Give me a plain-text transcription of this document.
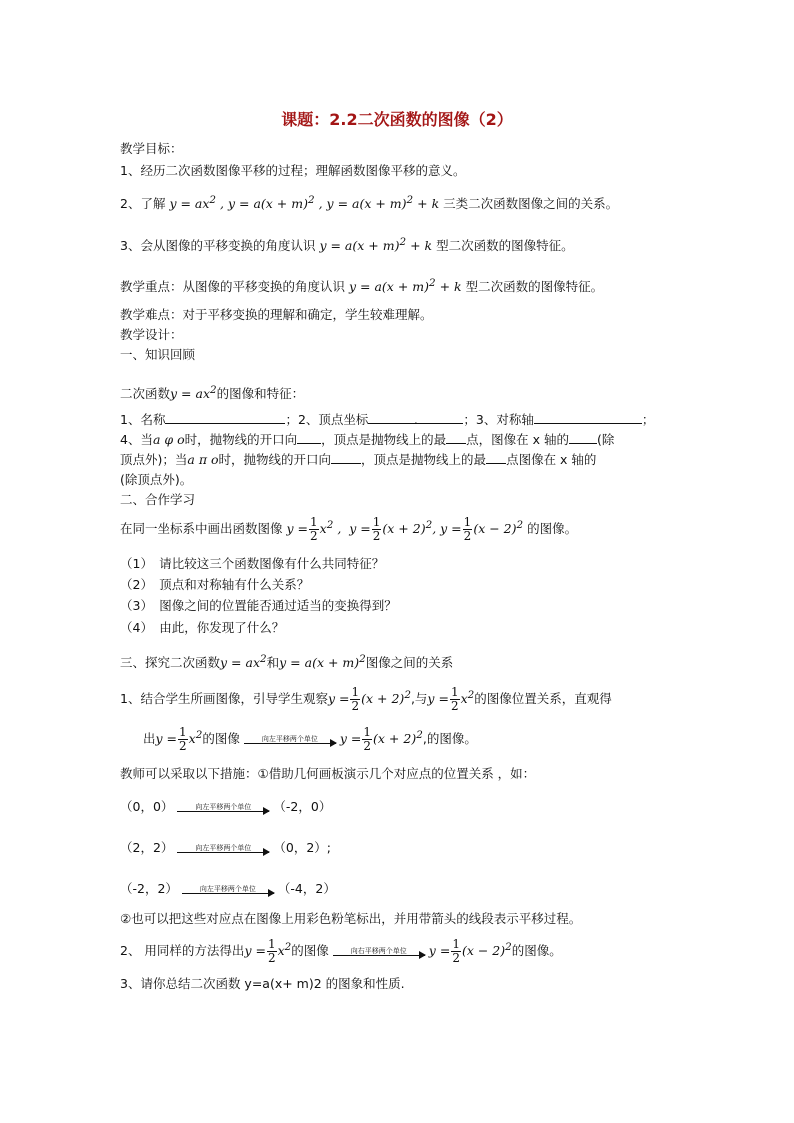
课题：2.2二次函数的图像（2）
教学目标：
1、经历二次函数图像平移的过程；理解函数图像平移的意义。
2、了解 $y = ax^2$ , $y = a(x + m)^2$ , $y = a(x + m)^2 + k$ 三类二次函数图像之间的关系。
3、会从图像的平移变换的角度认识 $y = a(x + m)^2 + k$ 型二次函数的图像特征。
教学重点：从图像的平移变换的角度认识 $y = a(x + m)^2 + k$ 型二次函数的图像特征。
教学难点：对于平移变换的理解和确定，学生较难理解。
教学设计：
一、知识回顾
二次函数$y = ax^2$的图像和特征：
1、名称	；2、顶点坐标	.	；3、对称轴	；
4、当a φ o时，抛物线的开口向 ，顶点是抛物线上的最 点，图像在 x 轴的 (除
顶点外)；当a π o时，抛物线的开口向 ，顶点是抛物线上的最 点图像在 x 轴的
(除顶点外)。
二、合作学习
在同一坐标系中画出函数图像 $y = \frac{1}{2} x^2$ ,  $y = \frac{1}{2} (x + 2)^2$, $y = \frac{1}{2} (x - 2)^2$ 的图像。
（1）　请比较这三个函数图像有什么共同特征？
（2）　顶点和对称轴有什么关系？
（3）　图像之间的位置能否通过适当的变换得到？
（4）　由此，你发现了什么？
三、探究二次函数$y = ax^2$和$y = a(x + m)^2$图像之间的关系
1、结合学生所画图像，引导学生观察$y = \frac{1}{2} (x + 2)^2$,与$y = \frac{1}{2} x^2$的图像位置关系，直观得
出$y = \frac{1}{2} x^2$的图像	向左平移两个单位 $y = \frac{1}{2} (x + 2)^2$,的图像。
教师可以采取以下措施：①借助几何画板演示几个对应点的位置关系 ，如：
（0，0）	向左平移两个单位 （-2，0）
（2，2）	向左平移两个单位 （0，2）;
（-2，2）	向左平移两个单位 （-4，2）
②也可以把这些对应点在图像上用彩色粉笔标出，并用带箭头的线段表示平移过程。
2、 用同样的方法得出$y = \frac{1}{2} x^2$的图像	向右平移两个单位 $y = \frac{1}{2} (x - 2)^2$的图像。
3、请你总结二次函数 y=a(x+ m)2 的图象和性质.
